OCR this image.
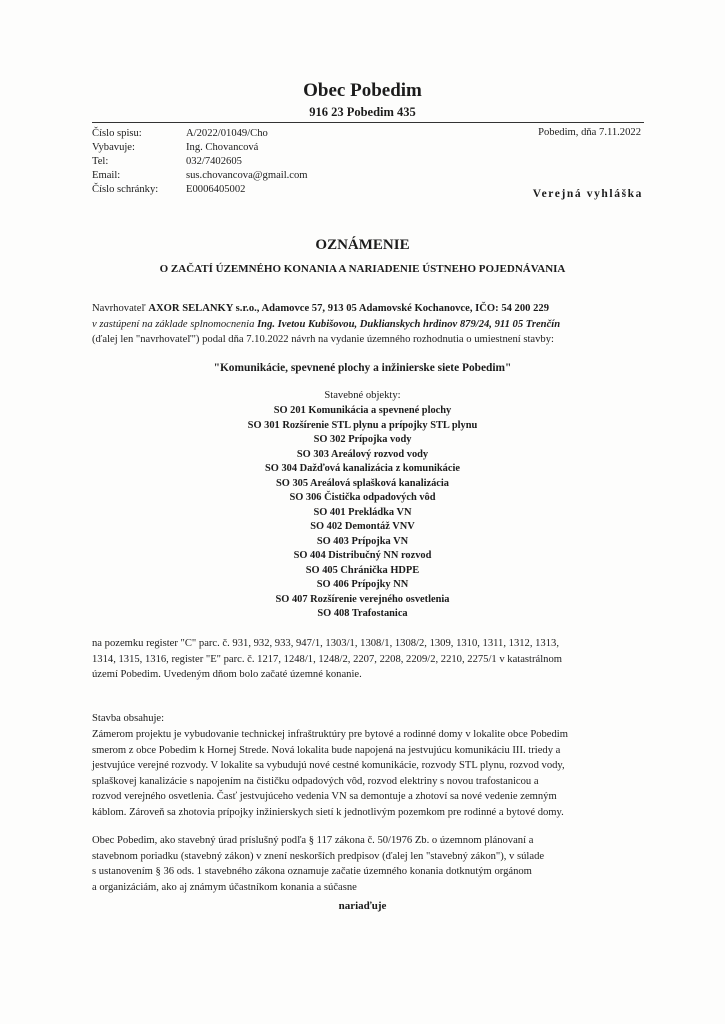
Obec Pobedim
916 23 Pobedim 435
Číslo spisu:	A/2022/01049/Cho
Vybavuje:	Ing. Chovancová
Tel:	032/7402605
Email:	sus.chovancova@gmail.com
Číslo schránky:	E0006405002
Pobedim, dňa 7.11.2022
Verejná vyhláška
OZNÁMENIE
O ZAČATÍ ÚZEMNÉHO KONANIA A NARIADENIE ÚSTNEHO POJEDNÁVANIA
Navrhovateľ AXOR SELANKY s.r.o., Adamovce 57, 913 05 Adamovské Kochanovce, IČO: 54 200 229
v zastúpení na základe splnomocnenia Ing. Ivetou Kubišovou, Duklianskych hrdinov 879/24, 911 05 Trenčín
(ďalej len "navrhovateľ") podal dňa 7.10.2022 návrh na vydanie územného rozhodnutia o umiestnení stavby:
"Komunikácie, spevnené plochy a inžinierske siete Pobedim"
Stavebné objekty:
SO 201 Komunikácia a spevnené plochy
SO 301 Rozšírenie STL plynu a prípojky STL plynu
SO 302 Prípojka vody
SO 303 Areálový rozvod vody
SO 304 Dažďová kanalizácia z komunikácie
SO 305 Areálová splašková kanalizácia
SO 306 Čistička odpadových vôd
SO 401 Prekládka VN
SO 402 Demontáž VNV
SO 403 Prípojka VN
SO 404 Distribučný NN rozvod
SO 405 Chránička HDPE
SO 406 Prípojky NN
SO 407 Rozšírenie verejného osvetlenia
SO 408 Trafostanica
na pozemku register "C" parc. č. 931, 932, 933, 947/1, 1303/1, 1308/1, 1308/2, 1309, 1310, 1311, 1312, 1313,
1314, 1315, 1316, register "E" parc. č. 1217, 1248/1, 1248/2, 2207, 2208, 2209/2, 2210, 2275/1 v katastrálnom
území Pobedim. Uvedeným dňom bolo začaté územné konanie.
Stavba obsahuje:
Zámerom projektu je vybudovanie technickej infraštruktúry pre bytové a rodinné domy v lokalite obce Pobedim
smerom z obce Pobedim k Hornej Strede. Nová lokalita bude napojená na jestvujúcu komunikáciu III. triedy a
jestvujúce verejné rozvody. V lokalite sa vybudujú nové cestné komunikácie, rozvody STL plynu, rozvod vody,
splaškovej kanalizácie s napojením na čističku odpadových vôd, rozvod elektriny s novou trafostanicou a
rozvod verejného osvetlenia. Časť jestvujúceho vedenia VN sa demontuje a zhotoví sa nové vedenie zemným
káblom. Zároveň sa zhotovia prípojky inžinierskych sietí k jednotlivým pozemkom pre rodinné a bytové domy.
Obec Pobedim, ako stavebný úrad príslušný podľa § 117 zákona č. 50/1976 Zb. o územnom plánovaní a
stavebnom poriadku (stavebný zákon) v znení neskorších predpisov (ďalej len "stavebný zákon"), v súlade
s ustanovením § 36 ods. 1 stavebného zákona oznamuje začatie územného konania dotknutým orgánom
a organizáciám, ako aj známym účastníkom konania a súčasne
nariaďuje
